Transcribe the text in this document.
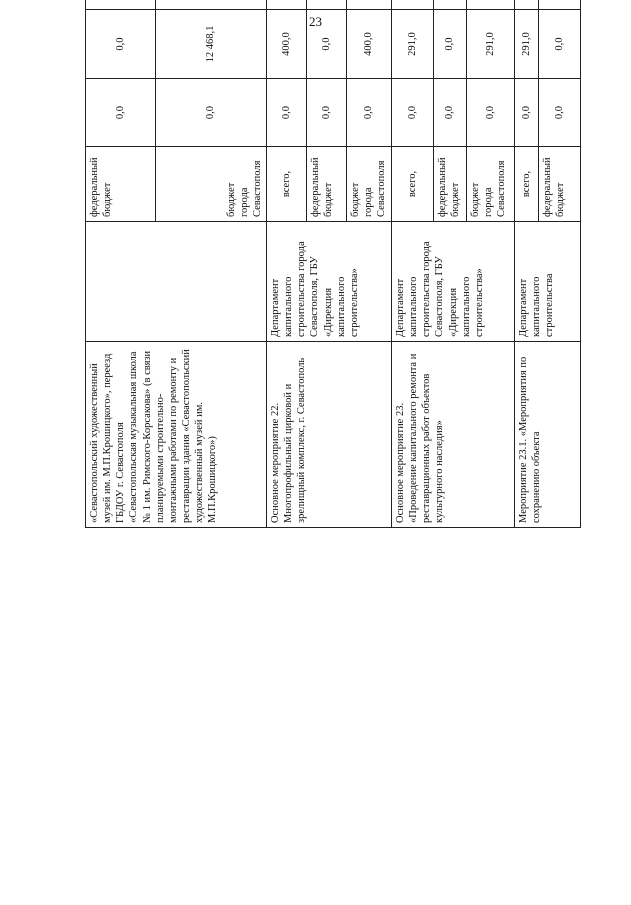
23
«Севастопольский художественный музей им. М.П.Крошицкого», переезд ГБДОУ г. Севастополя «Севастопольская музыкальная школа № 1 им. Римского-Корсакова» (в связи планируемыми строительно-монтажными работами по ремонту и реставрации здания «Севастопольский художественный музей им. М.П.Крошицкого»)		федеральный бюджет	0,0	0,0					
		бюджет города Севастополя	0,0	12 468,1					
Основное мероприятие 22. Многопрофильный цирковой и зрелищный комплекс, г. Севастополь	Департамент капитального строительства города Севастополя, ГБУ «Дирекция капитального строительства»	всего,	0,0	400,0					
		федеральный бюджет	0,0	0,0					
		бюджет города Севастополя	0,0	400,0					
Основное мероприятие 23. «Проведение капитального ремонта и реставрационных работ объектов культурного наследия»	Департамент капитального строительства города Севастополя, ГБУ «Дирекция капитального строительства»	всего,	0,0	291,0					
		федеральный бюджет	0,0	0,0					
		бюджет города Севастополя	0,0	291,0					
Мероприятие 23.1. «Мероприятия по сохранению объекта	Департамент капитального строительства	всего,	0,0	291,0					
		федеральный бюджет	0,0	0,0					
